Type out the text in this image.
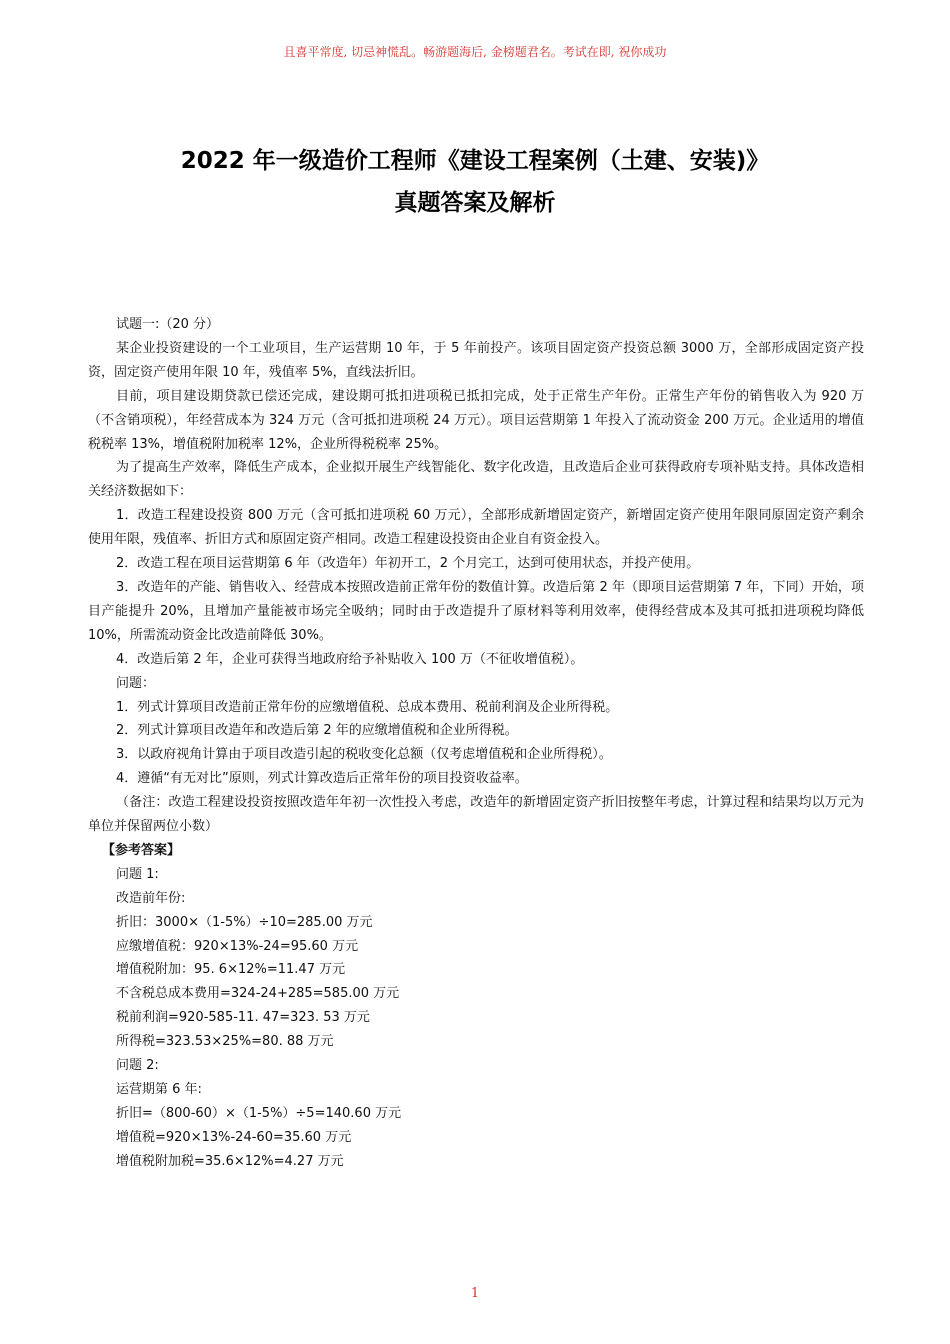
且喜平常度, 切忌神慌乱。畅游题海后, 金榜题君名。考试在即, 祝你成功
2022 年一级造价工程师《建设工程案例（土建、安装)》
真题答案及解析

试题一:（20 分）

某企业投资建设的一个工业项目，生产运营期 10 年，于 5 年前投产。该项目固定资产投资总额 3000 万，全部形成固定资产投资，固定资产使用年限 10 年，残值率 5%，直线法折旧。

目前，项目建设期贷款已偿还完成，建设期可抵扣进项税已抵扣完成，处于正常生产年份。正常生产年份的销售收入为 920 万（不含销项税），年经营成本为 324 万元（含可抵扣进项税 24 万元）。项目运营期第 1 年投入了流动资金 200 万元。企业适用的增值税税率 13%，增值税附加税率 12%，企业所得税税率 25%。

为了提高生产效率，降低生产成本，企业拟开展生产线智能化、数字化改造，且改造后企业可获得政府专项补贴支持。具体改造相关经济数据如下：

1．改造工程建设投资 800 万元（含可抵扣进项税 60 万元），全部形成新增固定资产，新增固定资产使用年限同原固定资产剩余使用年限，残值率、折旧方式和原固定资产相同。改造工程建设投资由企业自有资金投入。

2．改造工程在项目运营期第 6 年（改造年）年初开工，2 个月完工，达到可使用状态，并投产使用。

3．改造年的产能、销售收入、经营成本按照改造前正常年份的数值计算。改造后第 2 年（即项目运营期第 7 年，下同）开始，项目产能提升 20%，且增加产量能被市场完全吸纳；同时由于改造提升了原材料等利用效率，使得经营成本及其可抵扣进项税均降低 10%，所需流动资金比改造前降低 30%。

4．改造后第 2 年，企业可获得当地政府给予补贴收入 100 万（不征收增值税）。

问题：

1．列式计算项目改造前正常年份的应缴增值税、总成本费用、税前利润及企业所得税。

2．列式计算项目改造年和改造后第 2 年的应缴增值税和企业所得税。

3．以政府视角计算由于项目改造引起的税收变化总额（仅考虑增值税和企业所得税）。

4．遵循“有无对比”原则，列式计算改造后正常年份的项目投资收益率。

（备注：改造工程建设投资按照改造年年初一次性投入考虑，改造年的新增固定资产折旧按整年考虑，计算过程和结果均以万元为单位并保留两位小数）

【参考答案】

问题 1:

改造前年份:

折旧：3000×（1-5%）÷10=285.00 万元

应缴增值税：920×13%-24=95.60 万元

增值税附加：95. 6×12%=11.47 万元

不含税总成本费用=324-24+285=585.00 万元

税前利润=920-585-11. 47=323. 53 万元

所得税=323.53×25%=80. 88 万元

问题 2:

运营期第 6 年:

折旧=（800-60）×（1-5%）÷5=140.60 万元

增值税=920×13%-24-60=35.60 万元

增值税附加税=35.6×12%=4.27 万元

1
